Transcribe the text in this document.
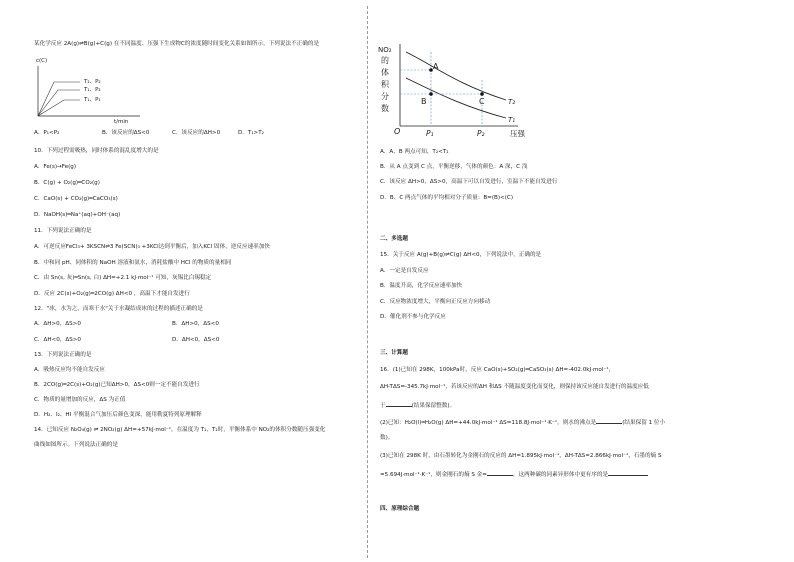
某化学反应 2A(g)⇌B(g)+C(g) 在不同温度、压强下生成物C的浓度随时间变化关系如图所示，下列说法不正确的是
c(C)
T₂、P₂
T₁、P₂
T₁、P₁
t/min
A．P₁<P₂	B．该反应的ΔS<0	C．该反应的ΔH>0	D．T₁>T₂
10．下列过程需吸热，同时体系的混乱度增大的是
A．Fe(s)→Fe(g)
B．C(g) + O₂(g)═CO₂(g)
C．CaO(s) + CO₂(g)═CaCO₃(s)
D．NaOH(s)═Na⁺(aq)+OH⁻(aq)
11．下列说法正确的是
A．可逆反应FeCl₃+ 3KSCN⇌3 Fe(SCN)₃ +3KCl达到平衡后，加入KCl 固体，逆反应速率加快
B．中和同 pH、同体积的 NaOH 溶液和氨水，消耗盐酸中 HCl 的物质的量相同
C．由 Sn(s, 灰)═Sn(s, 白) ΔH=+2.1 kJ·mol⁻¹ 可知，灰锡比白锡稳定
D．反应 2C(s)+O₂(g)═2CO(g) ΔH<0 ，高温下才能自发进行
12．"冰，水为之，而寒于水"关于水凝结成冰的过程的描述正确的是
A．ΔH>0，ΔS>0	B．ΔH>0，ΔS<0
C．ΔH<0，ΔS>0	D．ΔH<0，ΔS<0
13．下列说法正确的是
A．吸热反应均不能自发反应
B．2CO(g)═2C(s)+O₂(g)已知ΔH>0，ΔS<0则一定不能自发进行
C．物质的量增加的反应，ΔS 为正值
D．H₂、I₂、HI 平衡混合气加压后颜色变深，能用勒夏特列原理解释
14．已知反应 N₂O₄(g) ⇌ 2NO₂(g) ΔH=+57kJ·mol⁻¹，在温度为 T₁、T₂时，平衡体系中 NO₂的体积分数随压强变化
曲线如图所示。下列说法正确的是
NO₂
的
体
积
分
数
O	压强
T₂
T₁
A
B	C
P₁	P₂
A．A、B 两点可知，T₂<T₁
B．从 A 点变到 C 点，平衡逆移，气体的颜色：A 深，C 浅
C．该反应 ΔH>0，ΔS>0，高温下可以自发进行，室温下不能自发进行
D．B、C 两点气体的平均相对分子质量：B=(B)<(C)
二、多选题
15．关于反应 A(g)+B(g)⇌C(g) ΔH<0，下列说法中，正确的是
A．一定是自发反应
B．温度升高，化学反应速率加快
C．反应物浓度增大，平衡向正反应方向移动
D．催化剂不参与化学反应
三、计算题
16．(1)已知在 298K，100kPa时，反应 CaO(s)+SO₂(g)═CaSO₃(s) ΔH=-402.0kJ·mol⁻¹，
ΔH-TΔS=-345.7kJ·mol⁻¹，若该反应的ΔH 和ΔS 不随温度变化而变化，则保持该反应能自发进行的温度应低
于	(结果保留整数)。
(2)已知：H₂O(l)═H₂O(g) ΔH=+44.0kJ·mol⁻¹ ΔS=118.8J·mol⁻¹·K⁻¹，则水的沸点是	(结果保留 1 位小
数)。
(3)已知在 298K 时，由石墨转化为金刚石的反应的 ΔH=1.895kJ·mol⁻¹，ΔH-TΔS=2.866kJ·mol⁻¹，石墨的熵 S
=5.694J·mol⁻¹·K⁻¹，则金刚石的熵 S 金=	，这两种碳的同素异形体中更有序的是
四、原理综合题
